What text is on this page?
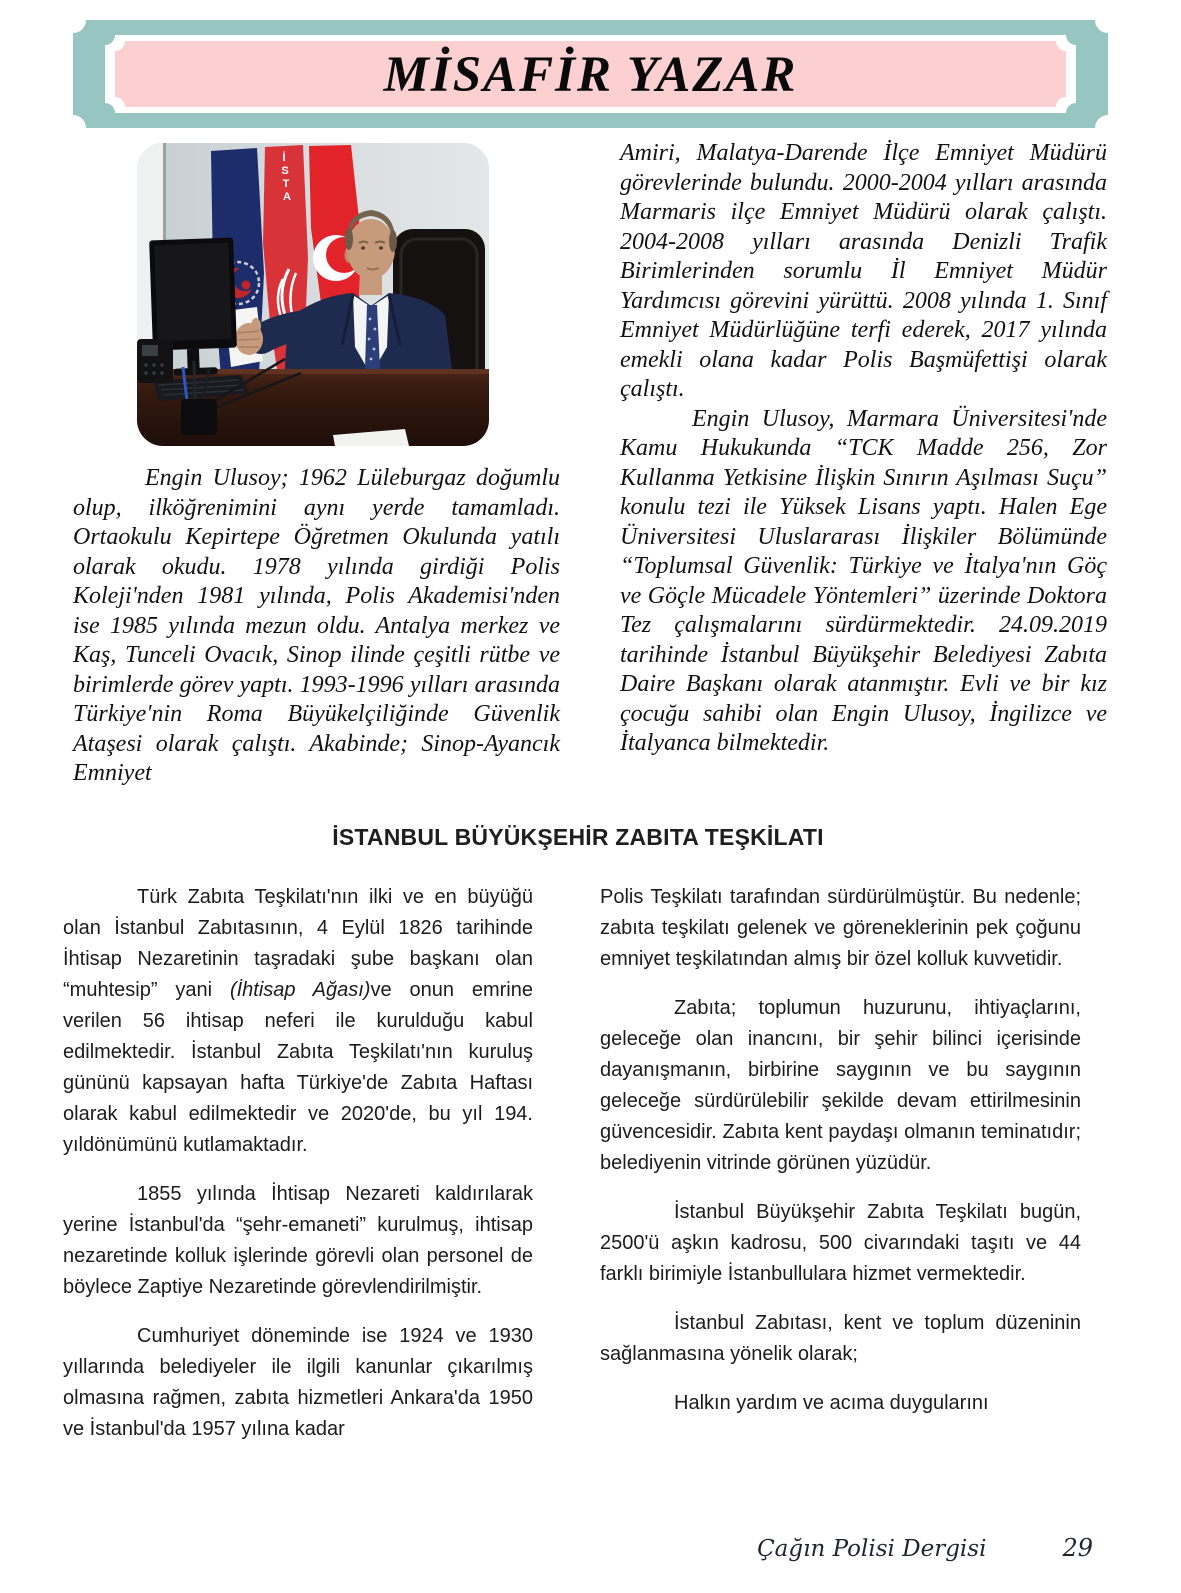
MİSAFİR YAZAR
İ
S
T
A

Engin Ulusoy; 1962 Lüleburgaz doğumlu olup, ilköğrenimini aynı yerde tamamladı. Ortaokulu Kepirtepe Öğretmen Okulunda yatılı olarak okudu. 1978 yılında girdiği Polis Koleji'nden 1981 yılında, Polis Akademisi'nden ise 1985 yılında mezun oldu. Antalya merkez ve Kaş, Tunceli Ovacık, Sinop ilinde çeşitli rütbe ve birimlerde görev yaptı. 1993-1996 yılları arasında Türkiye'nin Roma Büyükelçiliğinde Güvenlik Ataşesi olarak çalıştı. Akabinde; Sinop-Ayancık Emniyet

Amiri, Malatya-Darende İlçe Emniyet Müdürü görevlerinde bulundu. 2000-2004 yılları arasında Marmaris ilçe Emniyet Müdürü olarak çalıştı. 2004-2008 yılları arasında Denizli Trafik Birimlerinden sorumlu İl Emniyet Müdür Yardımcısı görevini yürüttü. 2008 yılında 1. Sınıf Emniyet Müdürlüğüne terfi ederek, 2017 yılında emekli olana kadar Polis Başmüfettişi olarak çalıştı.

Engin Ulusoy, Marmara Üniversitesi'nde Kamu Hukukunda “TCK Madde 256, Zor Kullanma Yetkisine İlişkin Sınırın Aşılması Suçu” konulu tezi ile Yüksek Lisans yaptı. Halen Ege Üniversitesi Uluslararası İlişkiler Bölümünde “Toplumsal Güvenlik: Türkiye ve İtalya'nın Göç ve Göçle Mücadele Yöntemleri” üzerinde Doktora Tez çalışmalarını sürdürmektedir. 24.09.2019 tarihinde İstanbul Büyükşehir Belediyesi Zabıta Daire Başkanı olarak atanmıştır. Evli ve bir kız çocuğu sahibi olan Engin Ulusoy, İngilizce ve İtalyanca bilmektedir.

İSTANBUL BÜYÜKŞEHİR ZABITA TEŞKİLATI

Türk Zabıta Teşkilatı'nın ilki ve en büyüğü olan İstanbul Zabıtasının, 4 Eylül 1826 tarihinde İhtisap Nezaretinin taşradaki şube başkanı olan “muhtesip” yani (İhtisap Ağası)ve onun emrine verilen 56 ihtisap neferi ile kurulduğu kabul edilmektedir. İstanbul Zabıta Teşkilatı'nın kuruluş gününü kapsayan hafta Türkiye'de Zabıta Haftası olarak kabul edilmektedir ve 2020'de, bu yıl 194. yıldönümünü kutlamaktadır.

1855 yılında İhtisap Nezareti kaldırılarak yerine İstanbul'da “şehr-emaneti” kurulmuş, ihtisap nezaretinde kolluk işlerinde görevli olan personel de böylece Zaptiye Nezaretinde görevlendirilmiştir.

Cumhuriyet döneminde ise 1924 ve 1930 yıllarında belediyeler ile ilgili kanunlar çıkarılmış olmasına rağmen, zabıta hizmetleri Ankara'da 1950 ve İstanbul'da 1957 yılına kadar

Polis Teşkilatı tarafından sürdürülmüştür. Bu nedenle; zabıta teşkilatı gelenek ve göreneklerinin pek çoğunu emniyet teşkilatından almış bir özel kolluk kuvvetidir.

Zabıta; toplumun huzurunu, ihtiyaçlarını, geleceğe olan inancını, bir şehir bilinci içerisinde dayanışmanın, birbirine saygının ve bu saygının geleceğe sürdürülebilir şekilde devam ettirilmesinin güvencesidir. Zabıta kent paydaşı olmanın teminatıdır; belediyenin vitrinde görünen yüzüdür.

İstanbul Büyükşehir Zabıta Teşkilatı bugün, 2500'ü aşkın kadrosu, 500 civarındaki taşıtı ve 44 farklı birimiyle İstanbullulara hizmet vermektedir.

İstanbul Zabıtası, kent ve toplum düzeninin sağlanmasına yönelik olarak;

Halkın yardım ve acıma duygularını

Çağın Polisi Dergisi	29
